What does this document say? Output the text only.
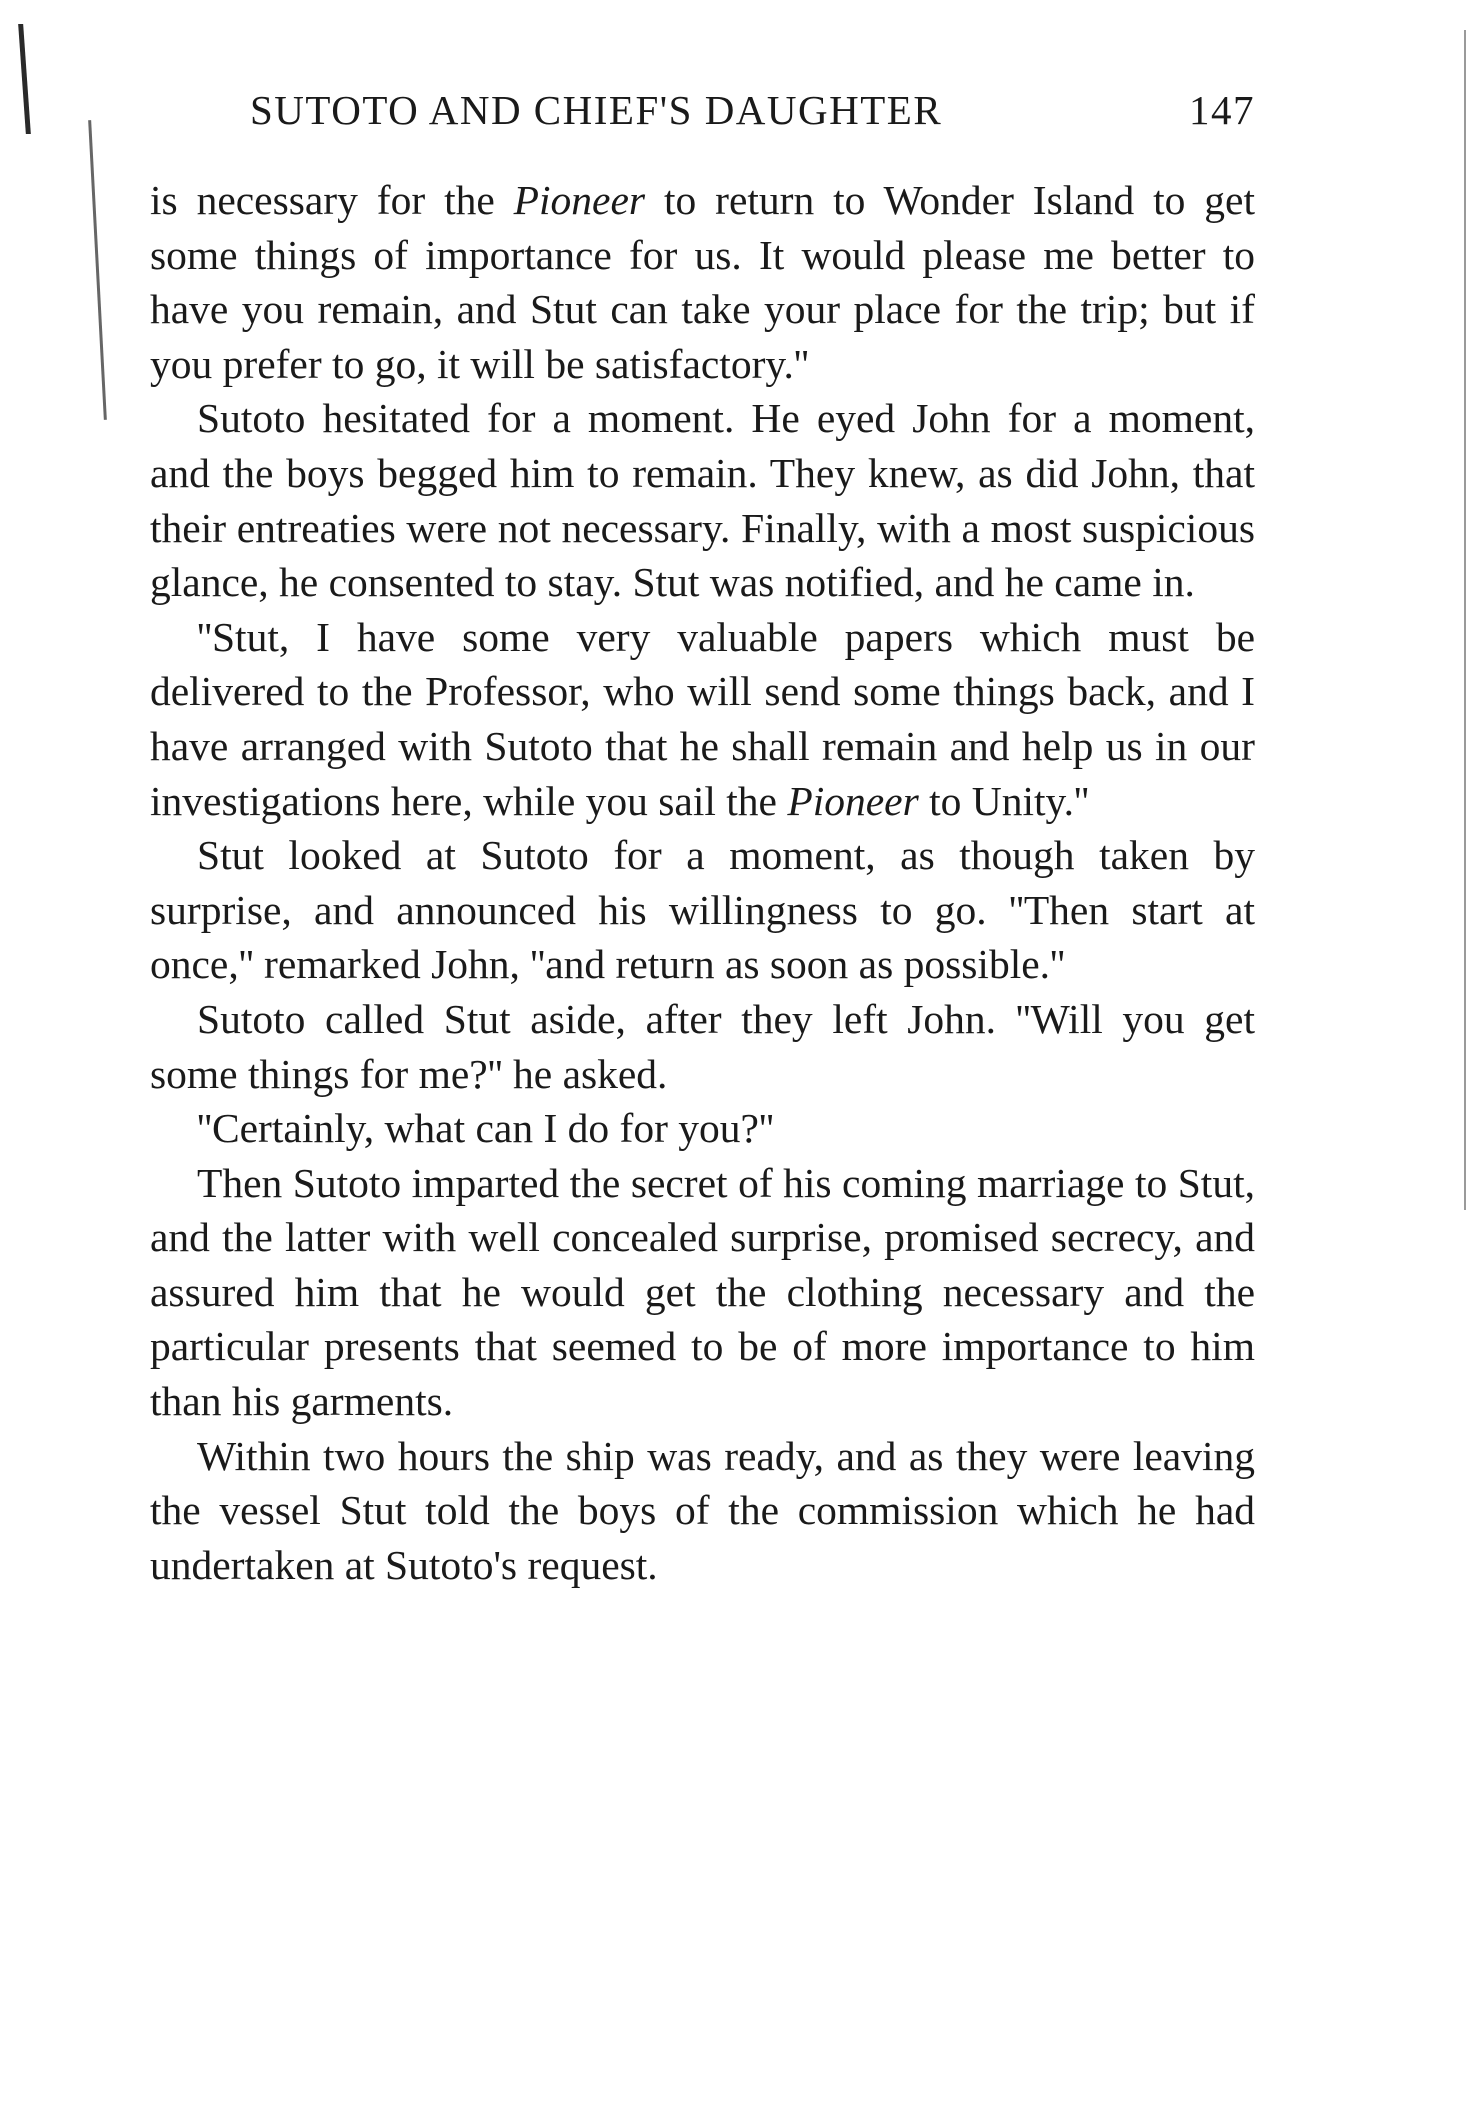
SUTOTO AND CHIEF'S DAUGHTER	147

is necessary for the Pioneer to return to Wonder Island to get some things of importance for us. It would please me better to have you remain, and Stut can take your place for the trip; but if you prefer to go, it will be satisfactory.''

Sutoto hesitated for a moment. He eyed John for a moment, and the boys begged him to remain. They knew, as did John, that their entreaties were not necessary. Finally, with a most suspicious glance, he consented to stay. Stut was notified, and he came in.

''Stut, I have some very valuable papers which must be delivered to the Professor, who will send some things back, and I have arranged with Sutoto that he shall remain and help us in our investigations here, while you sail the Pioneer to Unity.''

Stut looked at Sutoto for a moment, as though taken by surprise, and announced his willingness to go. ''Then start at once,'' remarked John, ''and return as soon as possible.''

Sutoto called Stut aside, after they left John. ''Will you get some things for me?'' he asked.

''Certainly, what can I do for you?''

Then Sutoto imparted the secret of his coming marriage to Stut, and the latter with well concealed surprise, promised secrecy, and assured him that he would get the clothing necessary and the particular presents that seemed to be of more importance to him than his garments.

Within two hours the ship was ready, and as they were leaving the vessel Stut told the boys of the commission which he had undertaken at Sutoto's request.
